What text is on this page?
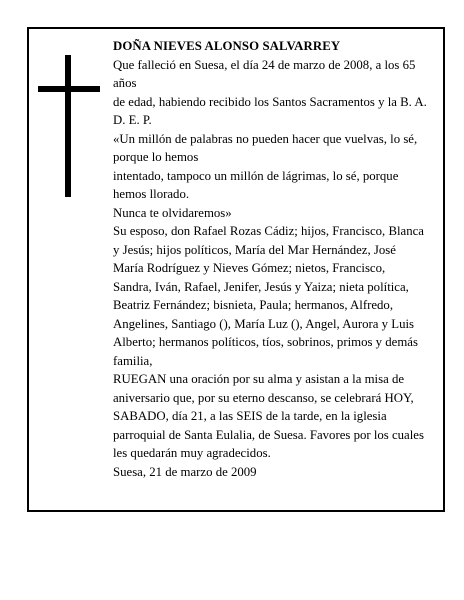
DOÑA NIEVES ALONSO SALVARREY
Que falleció en Suesa, el día 24 de marzo de 2008, a los 65 años
de edad, habiendo recibido los Santos Sacramentos y la B. A.
D. E. P.
«Un millón de palabras no pueden hacer que vuelvas, lo sé, porque lo hemos
intentado, tampoco un millón de lágrimas, lo sé, porque hemos llorado.
Nunca te olvidaremos»
Su esposo, don Rafael Rozas Cádiz; hijos, Francisco, Blanca y Jesús; hijos políticos, María del Mar Hernández, José María Rodríguez y Nieves Gómez; nietos, Francisco, Sandra, Iván, Rafael, Jenifer, Jesús y Yaiza; nieta política, Beatriz Fernández; bisnieta, Paula; hermanos, Alfredo, Angelines, Santiago (), María Luz (), Angel, Aurora y Luis Alberto; hermanos políticos, tíos, sobrinos, primos y demás familia,
RUEGAN una oración por su alma y asistan a la misa de aniversario que, por su eterno descanso, se celebrará HOY, SABADO, día 21, a las SEIS de la tarde, en la iglesia parroquial de Santa Eulalia, de Suesa. Favores por los cuales les quedarán muy agradecidos.
Suesa, 21 de marzo de 2009
